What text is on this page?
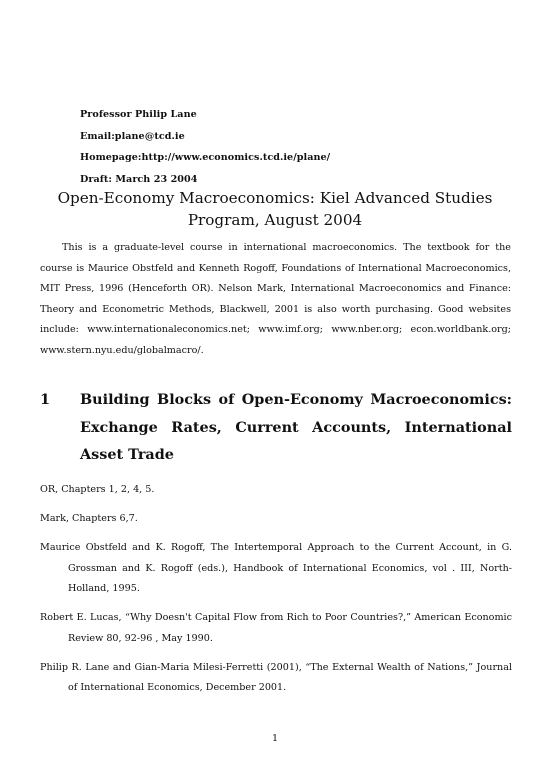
Professor Philip Lane
Email:plane@tcd.ie
Homepage:http://www.economics.tcd.ie/plane/
Draft: March 23 2004
Open-Economy Macroeconomics: Kiel Advanced Studies Program, August 2004

This is a graduate-level course in international macroeconomics. The textbook for the course is Maurice Obstfeld and Kenneth Rogoff, Foundations of International Macroeconomics, MIT Press, 1996 (Henceforth OR). Nelson Mark, International Macroeconomics and Finance: Theory and Econometric Methods, Blackwell, 2001 is also worth purchasing. Good websites include: www.internationaleconomics.net; www.imf.org; www.nber.org; econ.worldbank.org; www.stern.nyu.edu/globalmacro/.

1 Building Blocks of Open-Economy Macroeconomics: Exchange Rates, Current Accounts, International Asset Trade

OR, Chapters 1, 2, 4, 5.

Mark, Chapters 6,7.

Maurice Obstfeld and K. Rogoff, The Intertemporal Approach to the Current Account, in G. Grossman and K. Rogoff (eds.), Handbook of International Economics, vol . III, North-Holland, 1995.

Robert E. Lucas, “Why Doesn't Capital Flow from Rich to Poor Countries?,” American Economic Review 80, 92-96 , May 1990.

Philip R. Lane and Gian-Maria Milesi-Ferretti (2001), “The External Wealth of Nations,” Journal of International Economics, December 2001.

1
